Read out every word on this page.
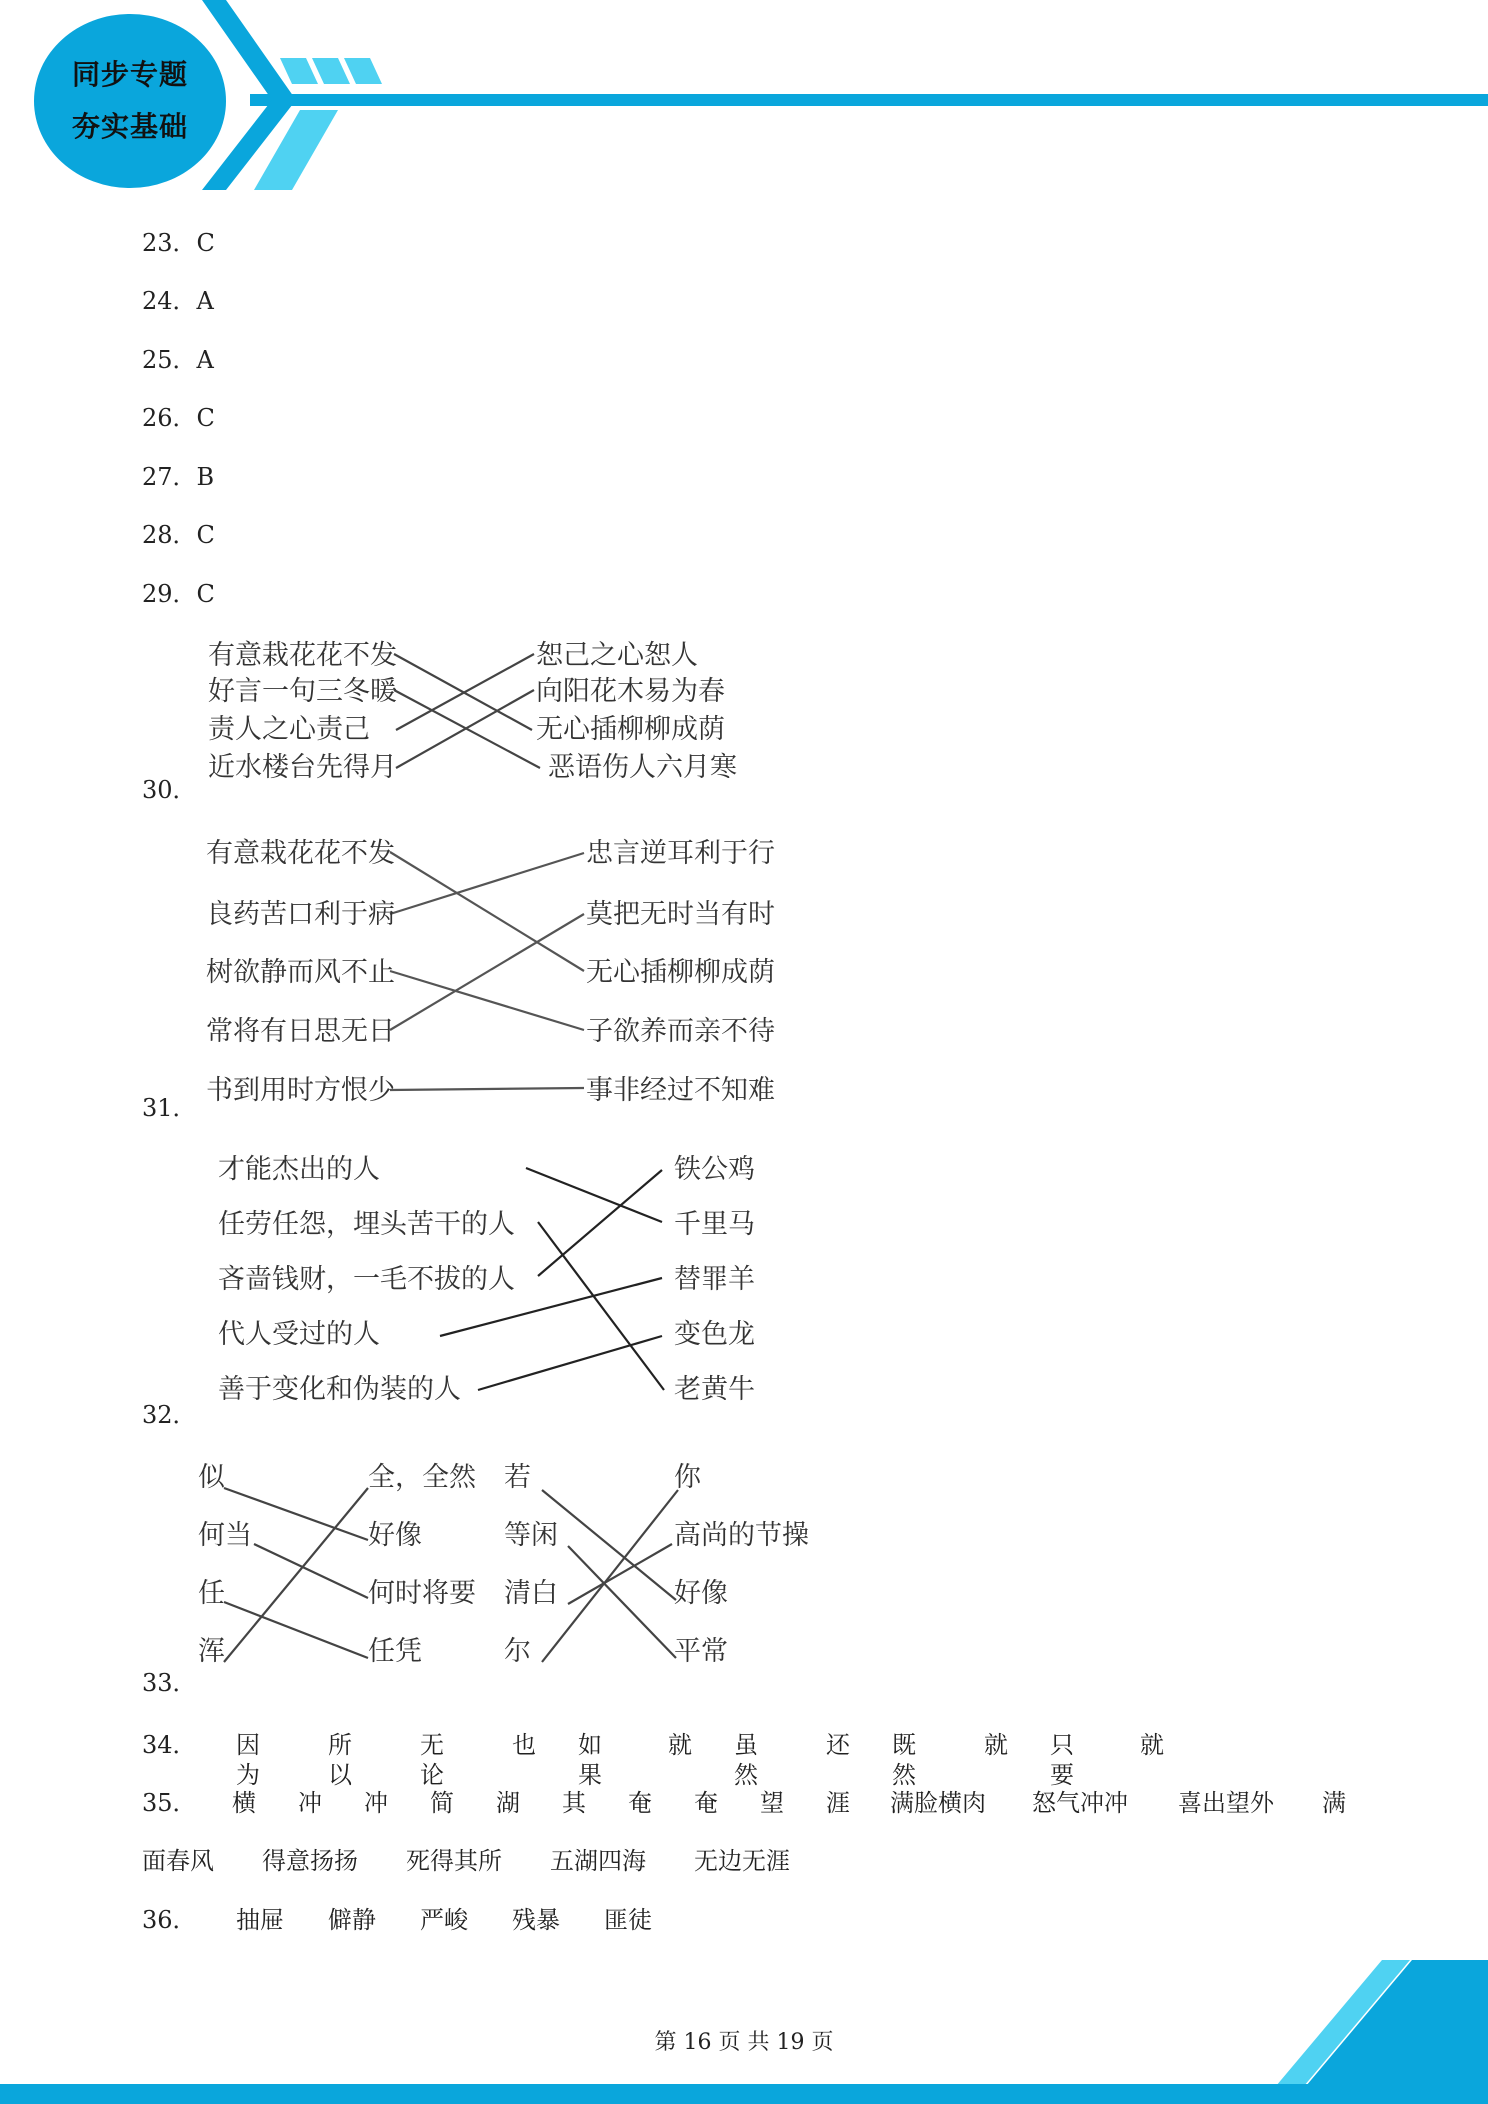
同步专题
夯实基础
23．C
24．A
25．A
26．C
27．B
28．C
29．C
30．
有意栽花花不发
好言一句三冬暖
责人之心责己
近水楼台先得月
恕己之心恕人
向阳花木易为春
无心插柳柳成荫
恶语伤人六月寒
31．
有意栽花花不发
良药苦口利于病
树欲静而风不止
常将有日思无日
书到用时方恨少
忠言逆耳利于行
莫把无时当有时
无心插柳柳成荫
子欲养而亲不待
事非经过不知难
32．
才能杰出的人
任劳任怨，埋头苦干的人
吝啬钱财，一毛不拔的人
代人受过的人
善于变化和伪装的人
铁公鸡
千里马
替罪羊
变色龙
老黄牛
33．
似
何当
任
浑
全，全然
好像
何时将要
任凭
若
等闲
清白
尔
你
高尚的节操
好像
平常
34． 因为
所以
无论
也 如果
就 虽然
还 既然
就 只要
就
35． 横 冲 冲 简 湖 其 奄 奄 望 涯 满脸横肉 怒气冲冲 喜出望外 满
面春风 得意扬扬 死得其所 五湖四海 无边无涯
36． 抽屉 僻静 严峻 残暴 匪徒
第 16 页 共 19 页
